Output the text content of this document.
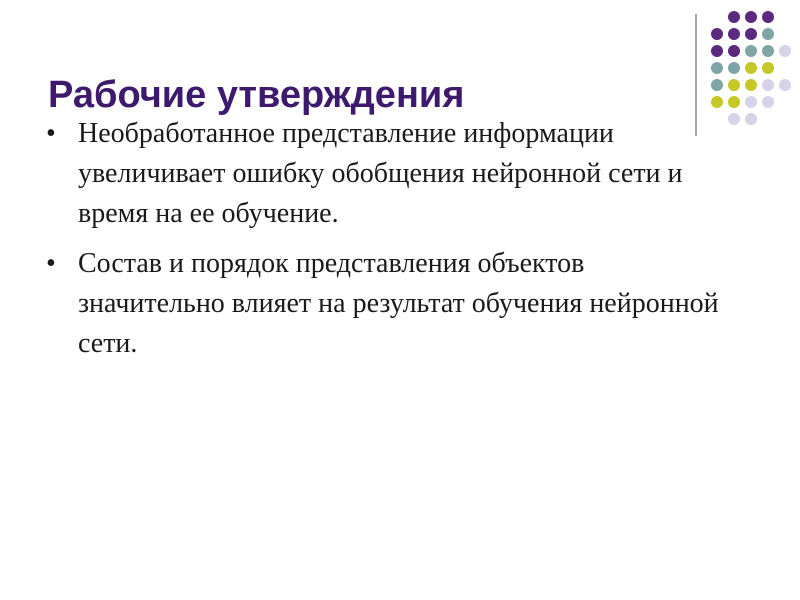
Рабочие утверждения
• Необработанное представление информации увеличивает ошибку обобщения нейронной сети и время на ее обучение.
• Состав и порядок представления объектов значительно влияет на результат обучения нейронной сети.
